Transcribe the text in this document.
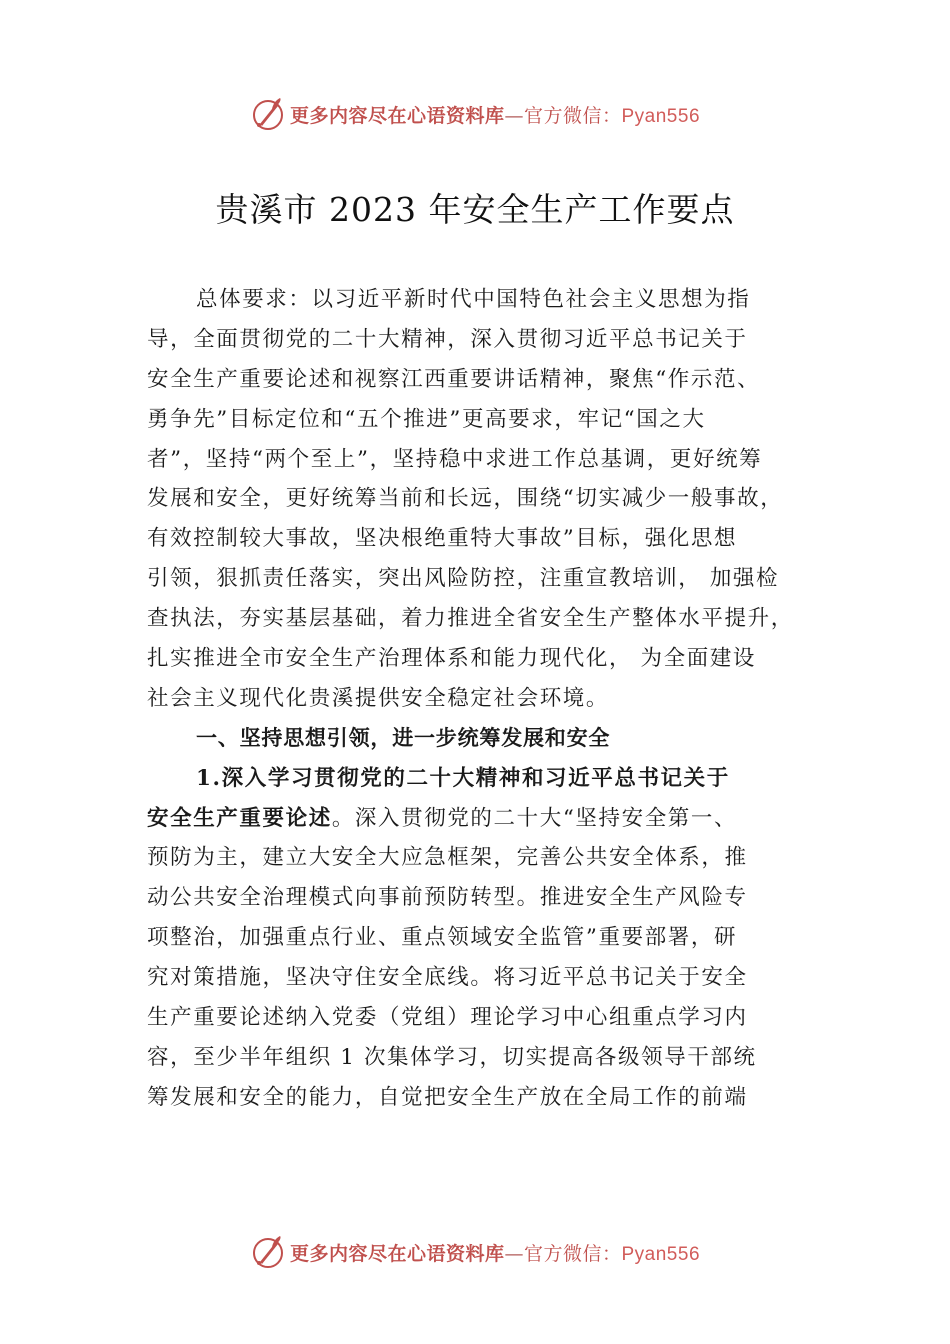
更多内容尽在心语资料库—官方微信：Pyan556
贵溪市 2023 年安全生产工作要点
总体要求：以习近平新时代中国特色社会主义思想为指
导，全面贯彻党的二十大精神，深入贯彻习近平总书记关于
安全生产重要论述和视察江西重要讲话精神，聚焦“作示范、
勇争先”目标定位和“五个推进”更高要求，牢记“国之大
者”，坚持“两个至上”，坚持稳中求进工作总基调，更好统筹
发展和安全，更好统筹当前和长远，围绕“切实减少一般事故，
有效控制较大事故，坚决根绝重特大事故”目标，强化思想
引领，狠抓责任落实，突出风险防控，注重宣教培训， 加强检
查执法，夯实基层基础，着力推进全省安全生产整体水平提升，
扎实推进全市安全生产治理体系和能力现代化， 为全面建设
社会主义现代化贵溪提供安全稳定社会环境。
一、坚持思想引领，进一步统筹发展和安全
1.深入学习贯彻党的二十大精神和习近平总书记关于
安全生产重要论述。深入贯彻党的二十大“坚持安全第一、
预防为主，建立大安全大应急框架，完善公共安全体系，推
动公共安全治理模式向事前预防转型。推进安全生产风险专
项整治，加强重点行业、重点领域安全监管”重要部署，研
究对策措施，坚决守住安全底线。将习近平总书记关于安全
生产重要论述纳入党委（党组）理论学习中心组重点学习内
容，至少半年组织 1 次集体学习，切实提高各级领导干部统
筹发展和安全的能力，自觉把安全生产放在全局工作的前端
更多内容尽在心语资料库—官方微信：Pyan556
